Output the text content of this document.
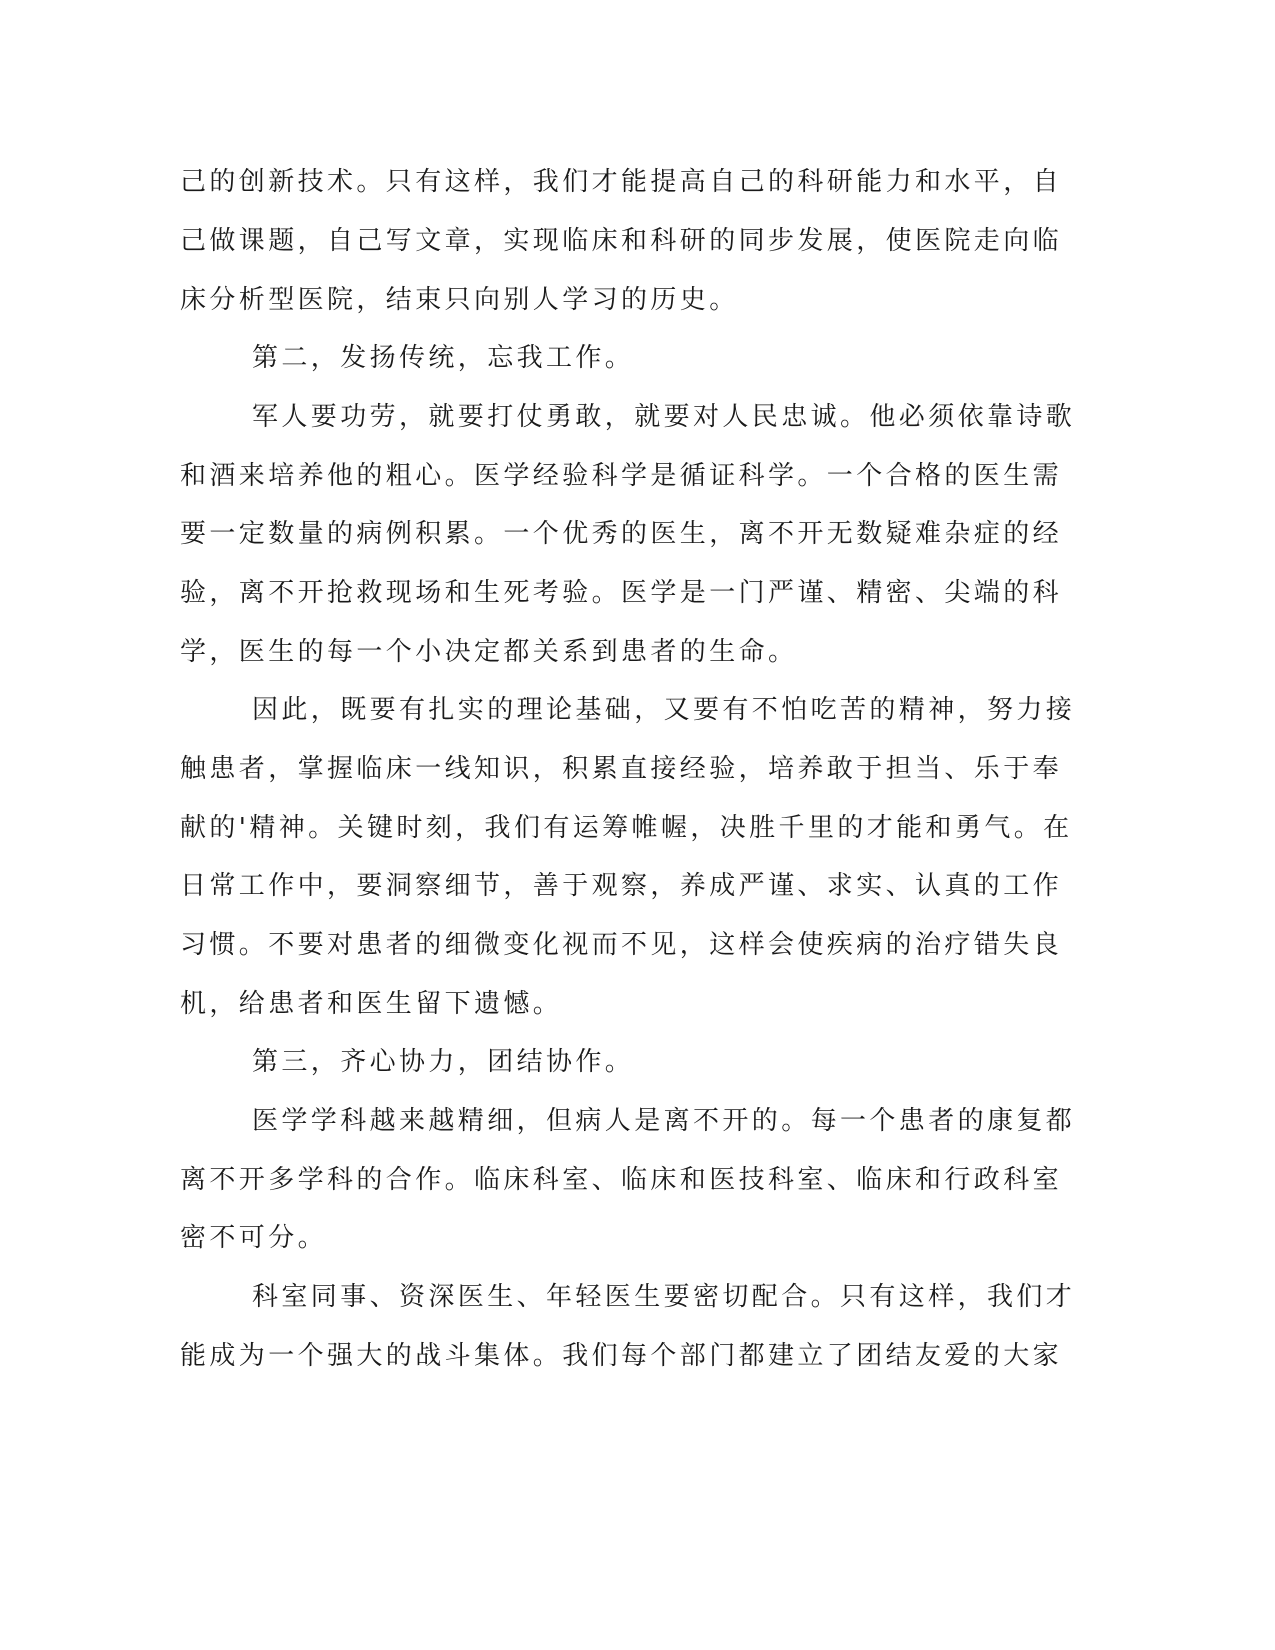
己的创新技术。只有这样，我们才能提高自己的科研能力和水平，自
己做课题，自己写文章，实现临床和科研的同步发展，使医院走向临
床分析型医院，结束只向别人学习的历史。
第二，发扬传统，忘我工作。
军人要功劳，就要打仗勇敢，就要对人民忠诚。他必须依靠诗歌
和酒来培养他的粗心。医学经验科学是循证科学。一个合格的医生需
要一定数量的病例积累。一个优秀的医生，离不开无数疑难杂症的经
验，离不开抢救现场和生死考验。医学是一门严谨、精密、尖端的科
学，医生的每一个小决定都关系到患者的生命。
因此，既要有扎实的理论基础，又要有不怕吃苦的精神，努力接
触患者，掌握临床一线知识，积累直接经验，培养敢于担当、乐于奉
献的'精神。关键时刻，我们有运筹帷幄，决胜千里的才能和勇气。在
日常工作中，要洞察细节，善于观察，养成严谨、求实、认真的工作
习惯。不要对患者的细微变化视而不见，这样会使疾病的治疗错失良
机，给患者和医生留下遗憾。
第三，齐心协力，团结协作。
医学学科越来越精细，但病人是离不开的。每一个患者的康复都
离不开多学科的合作。临床科室、临床和医技科室、临床和行政科室
密不可分。
科室同事、资深医生、年轻医生要密切配合。只有这样，我们才
能成为一个强大的战斗集体。我们每个部门都建立了团结友爱的大家
